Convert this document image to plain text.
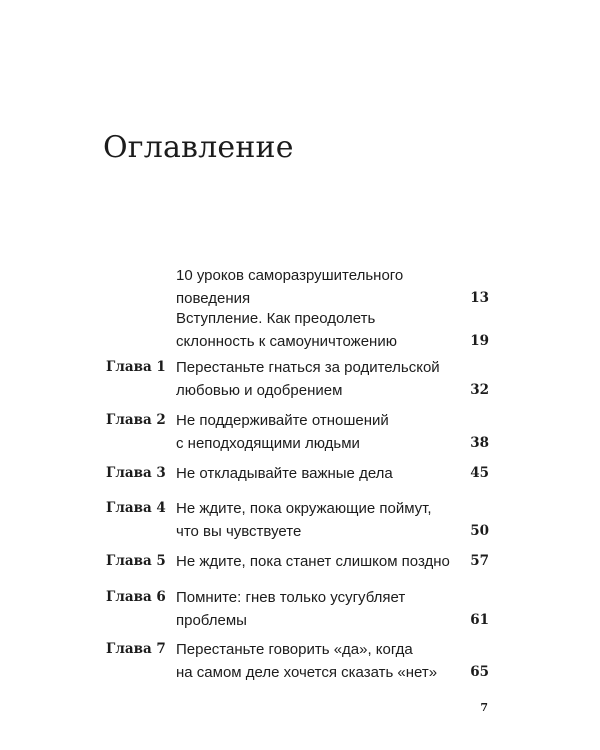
Оглавление
10 уроков саморазрушительного
поведения	13
Вступление. Как преодолеть
склонность к самоуничтожению	19
Глава 1 Перестаньте гнаться за родительской
любовью и одобрением	32
Глава 2 Не поддерживайте отношений
с неподходящими людьми	38
Глава 3 Не откладывайте важные дела	45
Глава 4 Не ждите, пока окружающие поймут,
что вы чувствуете	50
Глава 5 Не ждите, пока станет слишком поздно	57
Глава 6 Помните: гнев только усугубляет
проблемы	61
Глава 7 Перестаньте говорить «да», когда
на самом деле хочется сказать «нет»	65
7
